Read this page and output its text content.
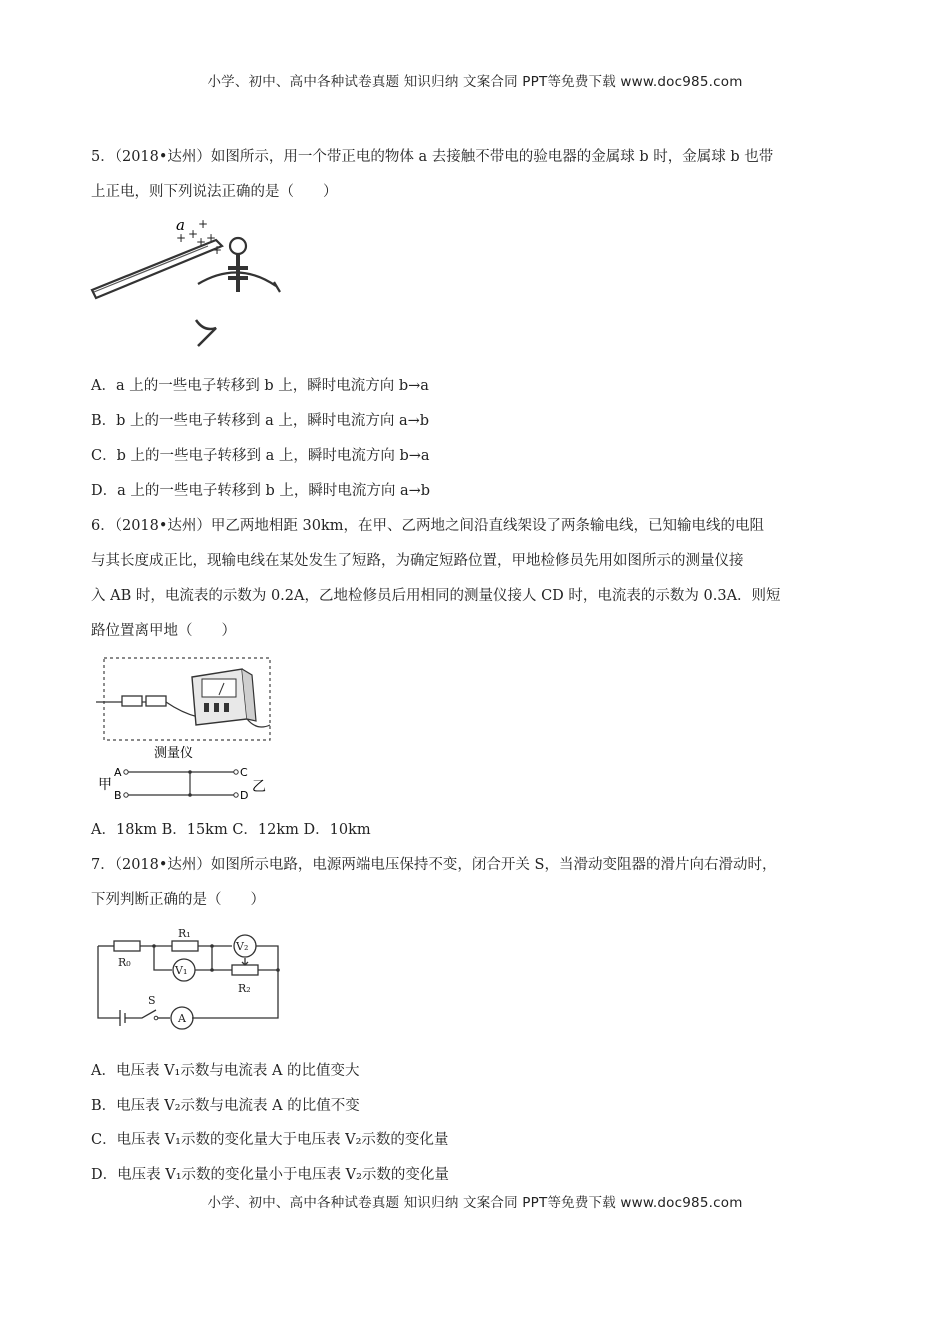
小学、初中、高中各种试卷真题 知识归纳 文案合同 PPT等免费下载 www.doc985.com
5．（2018•达州）如图所示，用一个带正电的物体 a 去接触不带电的验电器的金属球 b 时，金属球 b 也带
上正电，则下列说法正确的是（　　）
a +
+
+ +
+
+
A．a 上的一些电子转移到 b 上，瞬时电流方向 b→a
B．b 上的一些电子转移到 a 上，瞬时电流方向 a→b
C．b 上的一些电子转移到 a 上，瞬时电流方向 b→a
D．a 上的一些电子转移到 b 上，瞬时电流方向 a→b
6．（2018•达州）甲乙两地相距 30km，在甲、乙两地之间沿直线架设了两条输电线，已知输电线的电阻
与其长度成正比，现输电线在某处发生了短路，为确定短路位置，甲地检修员先用如图所示的测量仪接
入 AB 时，电流表的示数为 0.2A，乙地检修员后用相同的测量仪接人 CD 时，电流表的示数为 0.3A．则短
路位置离甲地（　　）
测量仪
甲
A
B
C
D
乙
A．18km B．15km C．12km D．10km
7．（2018•达州）如图所示电路，电源两端电压保持不变，闭合开关 S，当滑动变阻器的滑片向右滑动时，
下列判断正确的是（　　）
R₀
R₁
V₂
V₁
R₂
S
A
A．电压表 V₁示数与电流表 A 的比值变大
B．电压表 V₂示数与电流表 A 的比值不变
C．电压表 V₁示数的变化量大于电压表 V₂示数的变化量
D．电压表 V₁示数的变化量小于电压表 V₂示数的变化量
小学、初中、高中各种试卷真题 知识归纳 文案合同 PPT等免费下载 www.doc985.com
